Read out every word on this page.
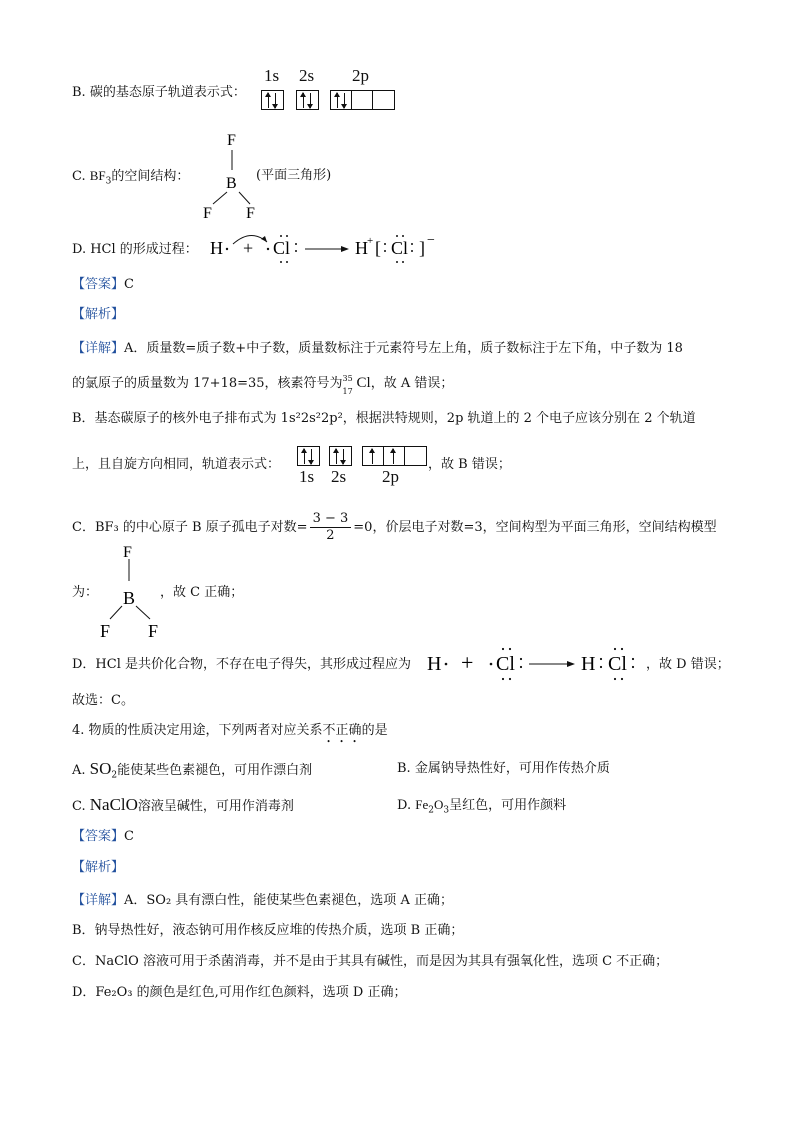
B. 碳的基态原子轨道表示式：
1s 2s 2p
C. $BF_3$的空间结构：	(平面三角形)
F
B
F F
D. HCl 的形成过程： H + Cl	H + [ Cl ] −
【答案】C
【解析】
【详解】A．质量数=质子数+中子数，质量数标注于元素符号左上角，质子数标注于左下角，中子数为 18
的氯原子的质量数为 17+18=35，核素符号为 35
17
Cl，故 A 错误；
B．基态碳原子的核外电子排布式为 1s²2s²2p²，根据洪特规则，2p 轨道上的 2 个电子应该分别在 2 个轨道
上，且自旋方向相同，轨道表示式：
1s 2s 2p
，故 B 错误；
C．BF₃ 的中心原子 B 原子孤电子对数= $\frac{3 - 3}{2} =0$，价层电子对数=3，空间构型为平面三角形，空间结构模型
为：
F
B
F F
，故 C 正确；
D．HCl 是共价化合物，不存在电子得失，其形成过程应为 H + Cl	H Cl ，故 D 错误；
故选：C。
4. 物质的性质决定用途，下列两者对应关系不正确的是
A. $SO_2$能使某些色素褪色，可用作漂白剂	B. 金属钠导热性好，可用作传热介质
C. NaClO溶液呈碱性，可用作消毒剂	D. $Fe_2O_3$呈红色，可用作颜料
【答案】C
【解析】
【详解】A．SO₂ 具有漂白性，能使某些色素褪色，选项 A 正确；
B．钠导热性好，液态钠可用作核反应堆的传热介质，选项 B 正确；
C．NaClO 溶液可用于杀菌消毒，并不是由于其具有碱性，而是因为其具有强氧化性，选项 C 不正确；
D．Fe₂O₃ 的颜色是红色,可用作红色颜料，选项 D 正确；
